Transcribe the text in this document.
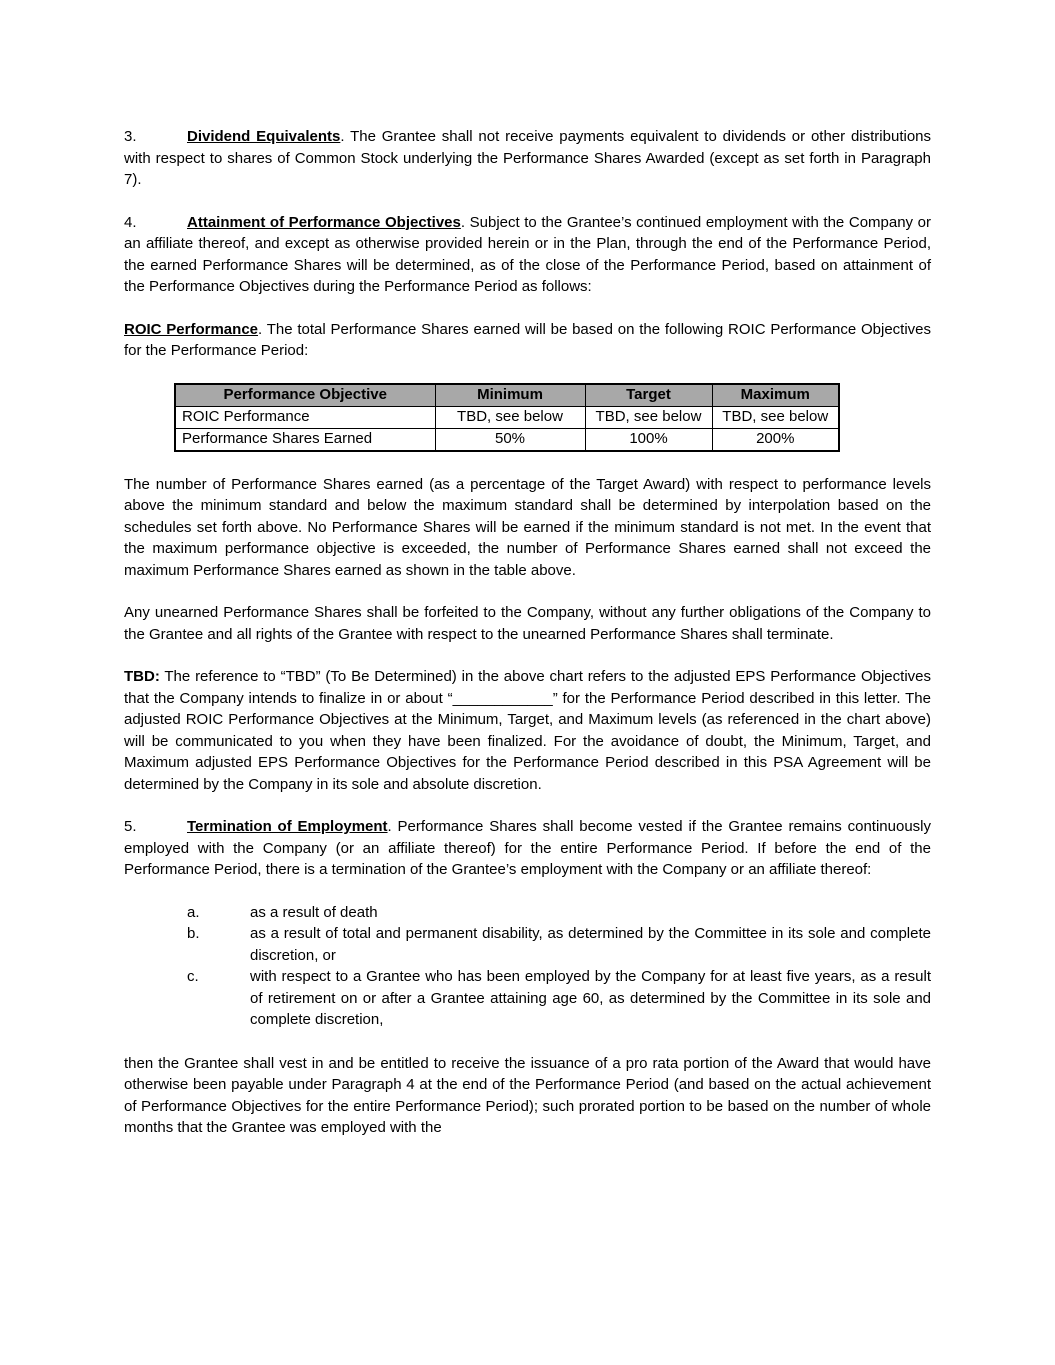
3.	Dividend Equivalents. The Grantee shall not receive payments equivalent to dividends or other distributions with respect to shares of Common Stock underlying the Performance Shares Awarded (except as set forth in Paragraph 7).

4.	Attainment of Performance Objectives. Subject to the Grantee’s continued employment with the Company or an affiliate thereof, and except as otherwise provided herein or in the Plan, through the end of the Performance Period, the earned Performance Shares will be determined, as of the close of the Performance Period, based on attainment of the Performance Objectives during the Performance Period as follows:

ROIC Performance. The total Performance Shares earned will be based on the following ROIC Performance Objectives for the Performance Period:

Performance Objective	Minimum	Target	Maximum
ROIC Performance	TBD, see below	TBD, see below	TBD, see below
Performance Shares Earned	50%	100%	200%

The number of Performance Shares earned (as a percentage of the Target Award) with respect to performance levels above the minimum standard and below the maximum standard shall be determined by interpolation based on the schedules set forth above. No Performance Shares will be earned if the minimum standard is not met. In the event that the maximum performance objective is exceeded, the number of Performance Shares earned shall not exceed the maximum Performance Shares earned as shown in the table above.

Any unearned Performance Shares shall be forfeited to the Company, without any further obligations of the Company to the Grantee and all rights of the Grantee with respect to the unearned Performance Shares shall terminate.

TBD: The reference to “TBD” (To Be Determined) in the above chart refers to the adjusted EPS Performance Objectives that the Company intends to finalize in or about “____________” for the Performance Period described in this letter. The adjusted ROIC Performance Objectives at the Minimum, Target, and Maximum levels (as referenced in the chart above) will be communicated to you when they have been finalized. For the avoidance of doubt, the Minimum, Target, and Maximum adjusted EPS Performance Objectives for the Performance Period described in this PSA Agreement will be determined by the Company in its sole and absolute discretion.

5.	Termination of Employment. Performance Shares shall become vested if the Grantee remains continuously employed with the Company (or an affiliate thereof) for the entire Performance Period. If before the end of the Performance Period, there is a termination of the Grantee’s employment with the Company or an affiliate thereof:

a.	as a result of death
b.	as a result of total and permanent disability, as determined by the Committee in its sole and complete discretion, or
c.	with respect to a Grantee who has been employed by the Company for at least five years, as a result of retirement on or after a Grantee attaining age 60, as determined by the Committee in its sole and complete discretion,

then the Grantee shall vest in and be entitled to receive the issuance of a pro rata portion of the Award that would have otherwise been payable under Paragraph 4 at the end of the Performance Period (and based on the actual achievement of Performance Objectives for the entire Performance Period); such prorated portion to be based on the number of whole months that the Grantee was employed with the
